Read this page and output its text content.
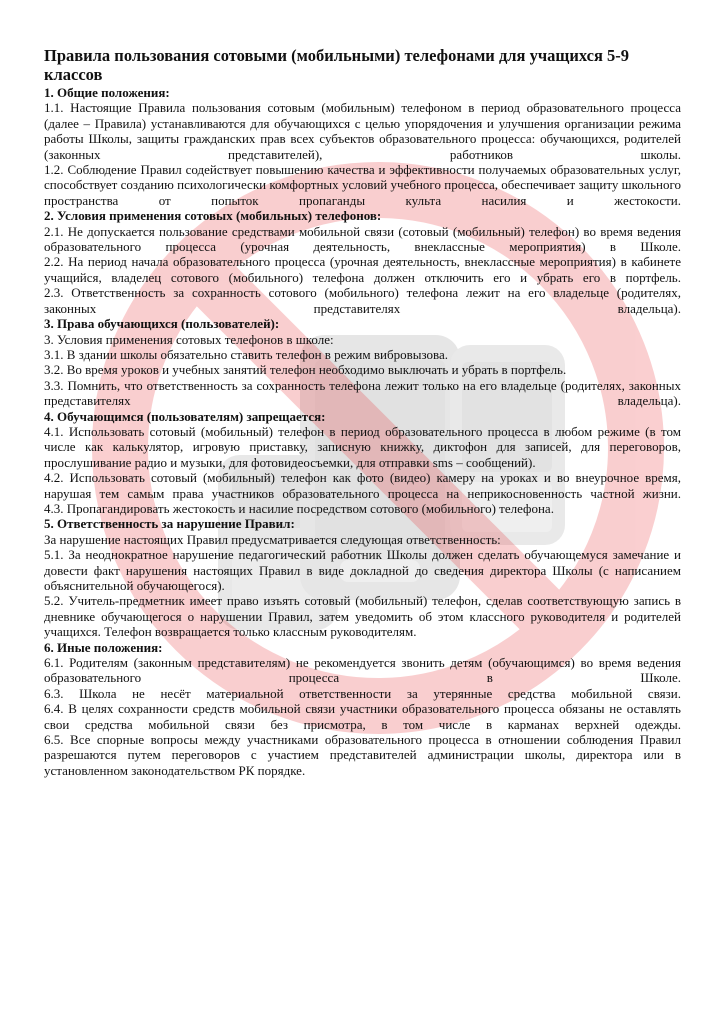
Правила пользования сотовыми (мобильными) телефонами для учащихся 5-9 классов
1. Общие положения:

1.1. Настоящие Правила пользования сотовым (мобильным) телефоном в период образовательного процесса (далее – Правила) устанавливаются для обучающихся с целью упорядочения и улучшения организации режима работы Школы, защиты гражданских прав всех субъектов образовательного процесса: обучающихся, родителей (законных представителей), работников школы.

1.2. Соблюдение Правил содействует повышению качества и эффективности получаемых образовательных услуг, способствует созданию психологически комфортных условий учебного процесса, обеспечивает защиту школьного пространства от попыток пропаганды культа насилия и жестокости.

2. Условия применения сотовых (мобильных) телефонов:

2.1. Не допускается пользование средствами мобильной связи (сотовый (мобильный) телефон) во время ведения образовательного процесса (урочная деятельность, внеклассные мероприятия) в Школе.

2.2. На период начала образовательного процесса (урочная деятельность, внеклассные мероприятия) в кабинете учащийся, владелец сотового (мобильного) телефона должен отключить его и убрать его в портфель.

2.3. Ответственность за сохранность сотового (мобильного) телефона лежит на его владельце (родителях, законных представителях владельца).

3. Права обучающихся (пользователей):

3. Условия применения сотовых телефонов в школе:

3.1. В здании школы обязательно ставить телефон в режим вибровызова.

3.2. Во время уроков и учебных занятий телефон необходимо выключать и убрать в портфель.

3.3. Помнить, что ответственность за сохранность телефона лежит только на его владельце (родителях, законных представителях владельца).

4. Обучающимся (пользователям) запрещается:

4.1. Использовать сотовый (мобильный) телефон в период образовательного процесса в любом режиме (в том числе как калькулятор, игровую приставку, записную книжку, диктофон для записей, для переговоров, прослушивание радио и музыки, для фотовидеосъемки, для отправки sms – сообщений).

4.2. Использовать сотовый (мобильный) телефон как фото (видео) камеру на уроках и во внеурочное время, нарушая тем самым права участников образовательного процесса на неприкосновенность частной жизни.

4.3. Пропагандировать жестокость и насилие посредством сотового (мобильного) телефона.

5. Ответственность за нарушение Правил:

За нарушение настоящих Правил предусматривается следующая ответственность:

5.1. За неоднократное нарушение педагогический работник Школы должен сделать обучающемуся замечание и довести факт нарушения настоящих Правил в виде докладной до сведения директора Школы (с написанием объяснительной обучающегося).

5.2. Учитель-предметник имеет право изъять сотовый (мобильный) телефон, сделав соответствующую запись в дневнике обучающегося о нарушении Правил, затем уведомить об этом классного руководителя и родителей учащихся. Телефон возвращается только классным руководителям.

6. Иные положения:

6.1. Родителям (законным представителям) не рекомендуется звонить детям (обучающимся) во время ведения образовательного процесса в Школе.

6.3. Школа не несёт материальной ответственности за утерянные средства мобильной связи.

6.4. В целях сохранности средств мобильной связи участники образовательного процесса обязаны не оставлять свои средства мобильной связи без присмотра, в том числе в карманах верхней одежды.

6.5. Все спорные вопросы между участниками образовательного процесса в отношении соблюдения Правил разрешаются путем переговоров с участием представителей администрации школы, директора или в установленном законодательством РК порядке.
